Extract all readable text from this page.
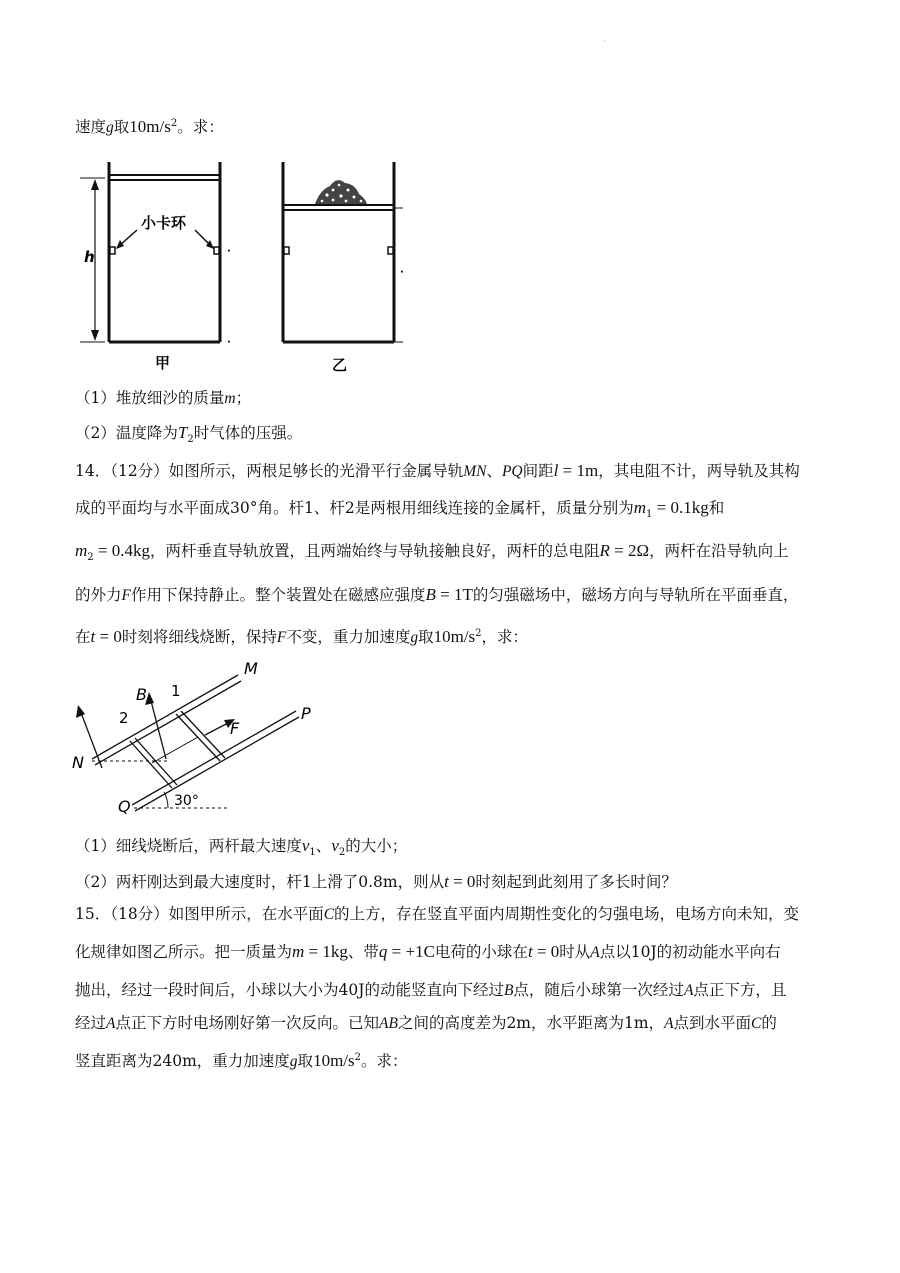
'
速度g取$10m/s^2$。求：
h
小卡环
·
·
甲
·
乙
（1）堆放细沙的质量m；
（2）温度降为$T_2$时气体的压强。
14．（12分）如图所示，两根足够长的光滑平行金属导轨MN、PQ间距l = 1m，其电阻不计，两导轨及其构
成的平面均与水平面成30°角。杆1、杆2是两根用细线连接的金属杆，质量分别为$m_1 = 0.1kg$和
$m_2 = 0.4kg$，两杆垂直导轨放置，且两端始终与导轨接触良好，两杆的总电阻R = 2Ω，两杆在沿导轨向上
的外力F作用下保持静止。整个装置处在磁感应强度B = 1T的匀强磁场中，磁场方向与导轨所在平面垂直，
在t = 0时刻将细线烧断，保持F不变，重力加速度g取$10m/s^2$，求：
M
N
P
Q
B
F
1
2
30°
（1）细线烧断后，两杆最大速度$v_1$、$v_2$的大小；
（2）两杆刚达到最大速度时，杆1上滑了0.8m，则从t = 0时刻起到此刻用了多长时间？
15．（18分）如图甲所示，在水平面C的上方，存在竖直平面内周期性变化的匀强电场，电场方向未知，变
化规律如图乙所示。把一质量为m = 1kg、带q = +1C电荷的小球在t = 0时从A点以10J的初动能水平向右
抛出，经过一段时间后，小球以大小为40J的动能竖直向下经过B点，随后小球第一次经过A点正下方，且
经过A点正下方时电场刚好第一次反向。已知AB之间的高度差为2m，水平距离为1m，A点到水平面C的
竖直距离为240m，重力加速度g取$10m/s^2$。求：
